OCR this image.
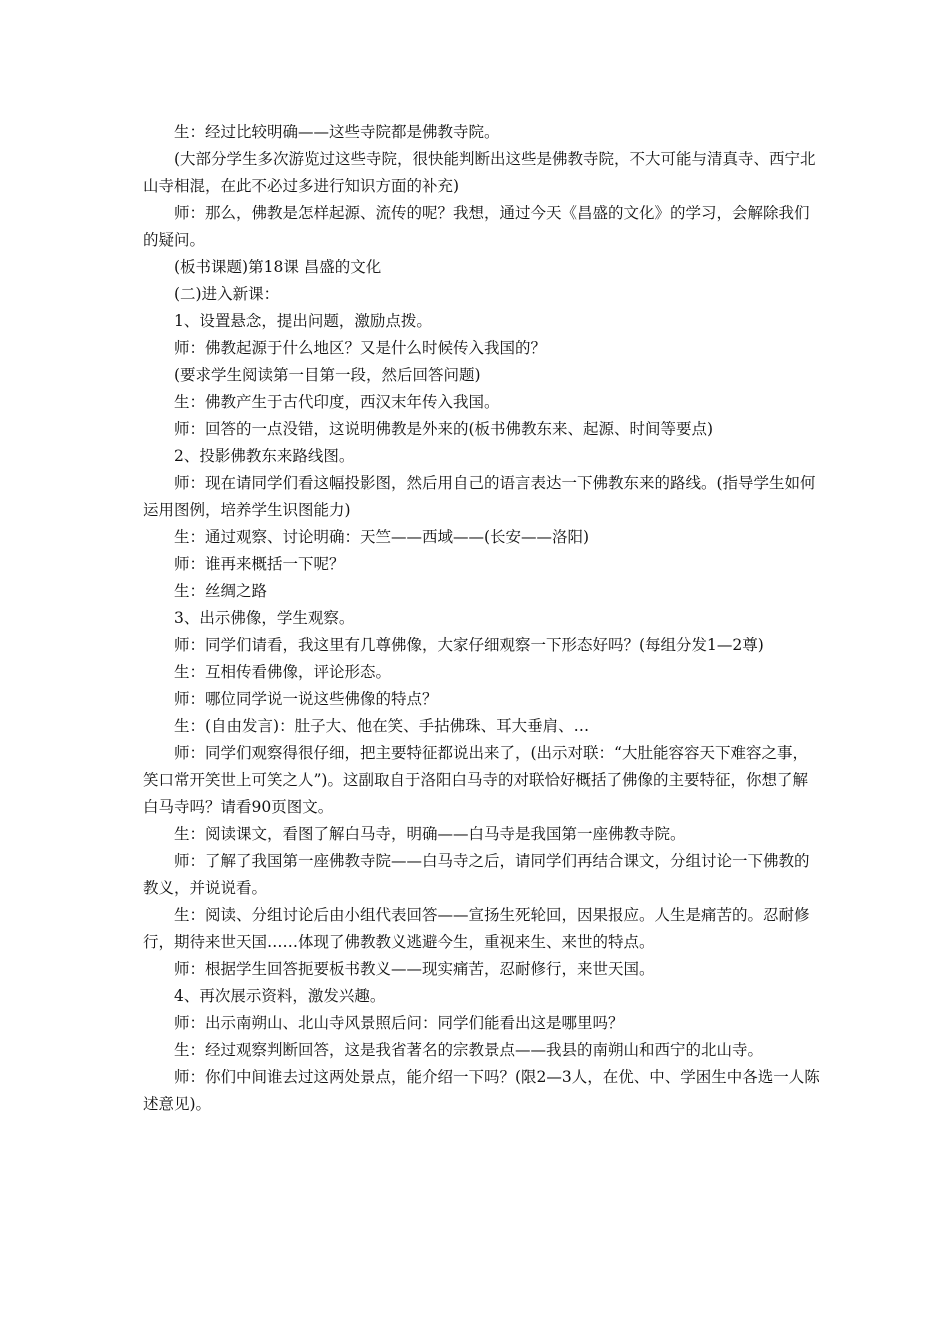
生：经过比较明确——这些寺院都是佛教寺院。

(大部分学生多次游览过这些寺院，很快能判断出这些是佛教寺院，不大可能与清真寺、西宁北山寺相混，在此不必过多进行知识方面的补充)

师：那么，佛教是怎样起源、流传的呢？我想，通过今天《昌盛的文化》的学习，会解除我们的疑问。

(板书课题)第18课 昌盛的文化

(二)进入新课：

1、设置悬念，提出问题，激励点拨。

师：佛教起源于什么地区？又是什么时候传入我国的？

(要求学生阅读第一目第一段，然后回答问题)

生：佛教产生于古代印度，西汉末年传入我国。

师：回答的一点没错，这说明佛教是外来的(板书佛教东来、起源、时间等要点)

2、投影佛教东来路线图。

师：现在请同学们看这幅投影图，然后用自己的语言表达一下佛教东来的路线。(指导学生如何运用图例，培养学生识图能力)

生：通过观察、讨论明确：天竺——西域——(长安——洛阳)

师：谁再来概括一下呢？

生：丝绸之路

3、出示佛像，学生观察。

师：同学们请看，我这里有几尊佛像，大家仔细观察一下形态好吗？(每组分发1—2尊)

生：互相传看佛像，评论形态。

师：哪位同学说一说这些佛像的特点？

生：(自由发言)：肚子大、他在笑、手拈佛珠、耳大垂肩、…

师：同学们观察得很仔细，把主要特征都说出来了，(出示对联：“大肚能容容天下难容之事，笑口常开笑世上可笑之人”)。这副取自于洛阳白马寺的对联恰好概括了佛像的主要特征，你想了解白马寺吗？请看90页图文。

生：阅读课文，看图了解白马寺，明确——白马寺是我国第一座佛教寺院。

师：了解了我国第一座佛教寺院——白马寺之后，请同学们再结合课文，分组讨论一下佛教的教义，并说说看。

生：阅读、分组讨论后由小组代表回答——宣扬生死轮回，因果报应。人生是痛苦的。忍耐修行，期待来世天国……体现了佛教教义逃避今生，重视来生、来世的特点。

师：根据学生回答扼要板书教义——现实痛苦，忍耐修行，来世天国。

4、再次展示资料，激发兴趣。

师：出示南朔山、北山寺风景照后问：同学们能看出这是哪里吗？

生：经过观察判断回答，这是我省著名的宗教景点——我县的南朔山和西宁的北山寺。

师：你们中间谁去过这两处景点，能介绍一下吗？(限2—3人，在优、中、学困生中各选一人陈述意见)。
